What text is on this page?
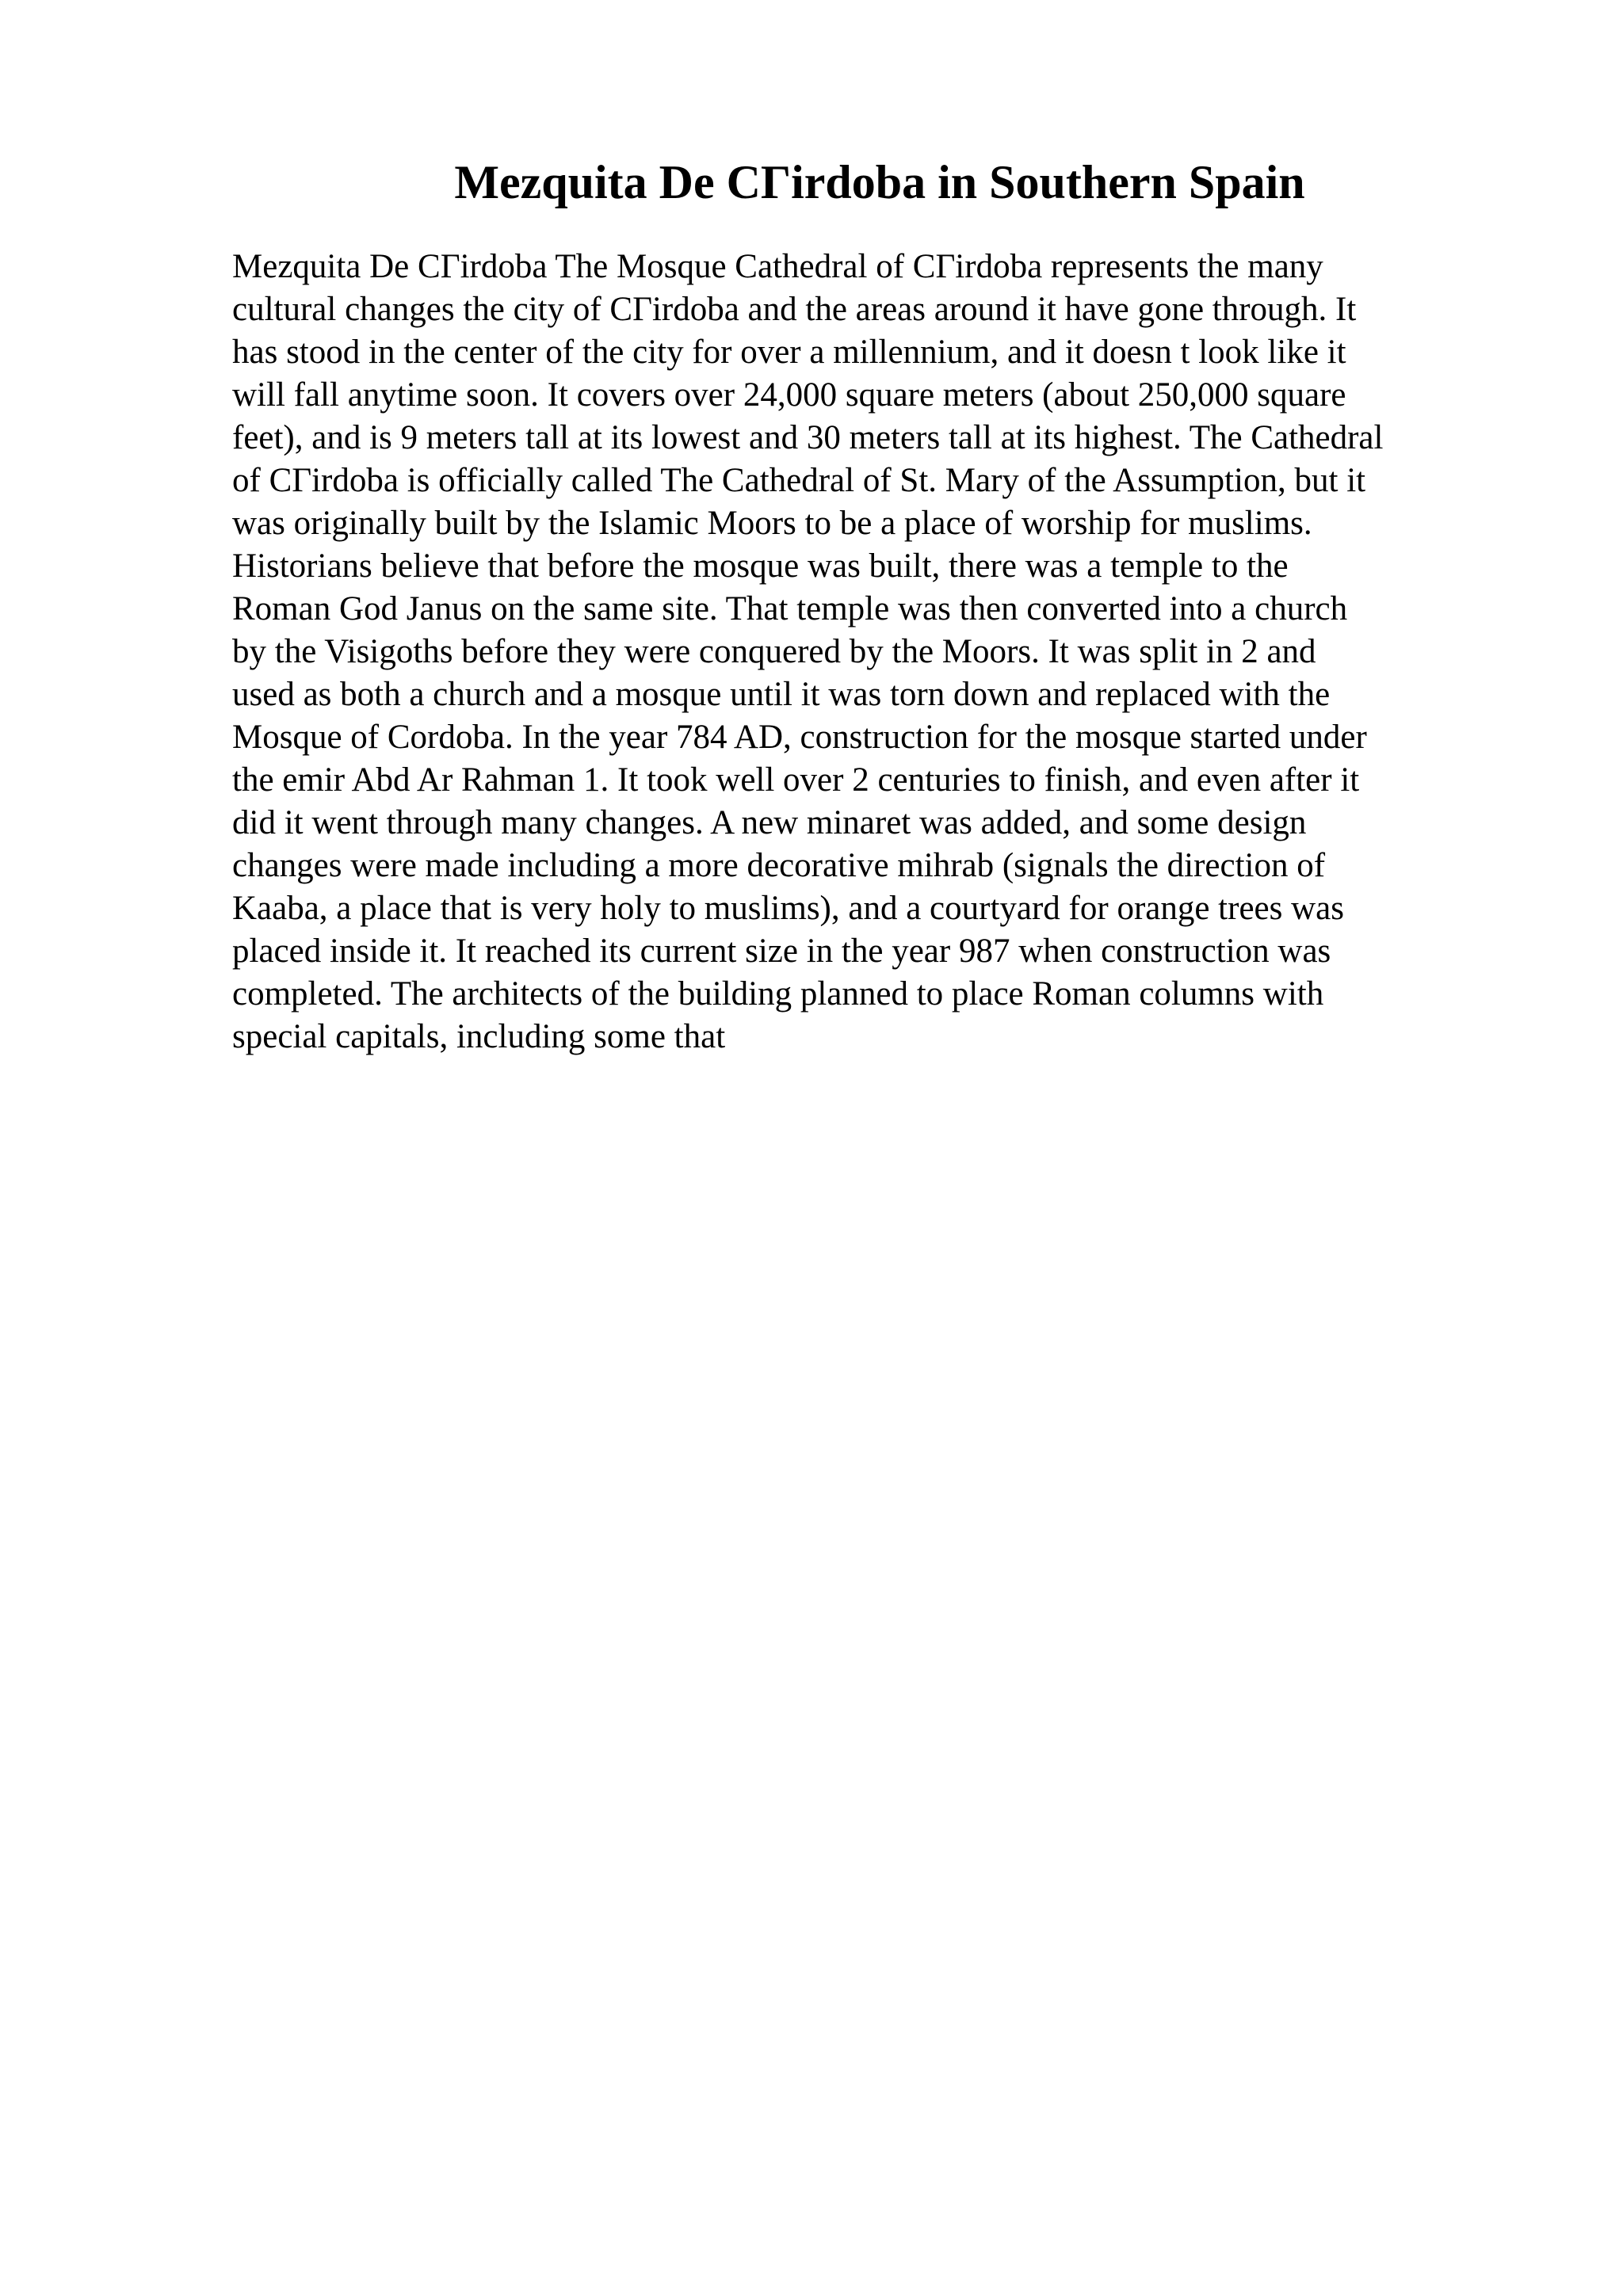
Mezquita De CΓirdoba in Southern Spain
Mezquita De CΓirdoba The Mosque Cathedral of CΓirdoba represents the many
cultural changes the city of CΓirdoba and the areas around it have gone through. It
has stood in the center of the city for over a millennium, and it doesn t look like it
will fall anytime soon. It covers over 24,000 square meters (about 250,000 square
feet), and is 9 meters tall at its lowest and 30 meters tall at its highest. The Cathedral
of CΓirdoba is officially called The Cathedral of St. Mary of the Assumption, but it
was originally built by the Islamic Moors to be a place of worship for muslims.
Historians believe that before the mosque was built, there was a temple to the
Roman God Janus on the same site. That temple was then converted into a church
by the Visigoths before they were conquered by the Moors. It was split in 2 and
used as both a church and a mosque until it was torn down and replaced with the
Mosque of Cordoba. In the year 784 AD, construction for the mosque started under
the emir Abd Ar Rahman 1. It took well over 2 centuries to finish, and even after it
did it went through many changes. A new minaret was added, and some design
changes were made including a more decorative mihrab (signals the direction of
Kaaba, a place that is very holy to muslims), and a courtyard for orange trees was
placed inside it. It reached its current size in the year 987 when construction was
completed. The architects of the building planned to place Roman columns with
special capitals, including some that
